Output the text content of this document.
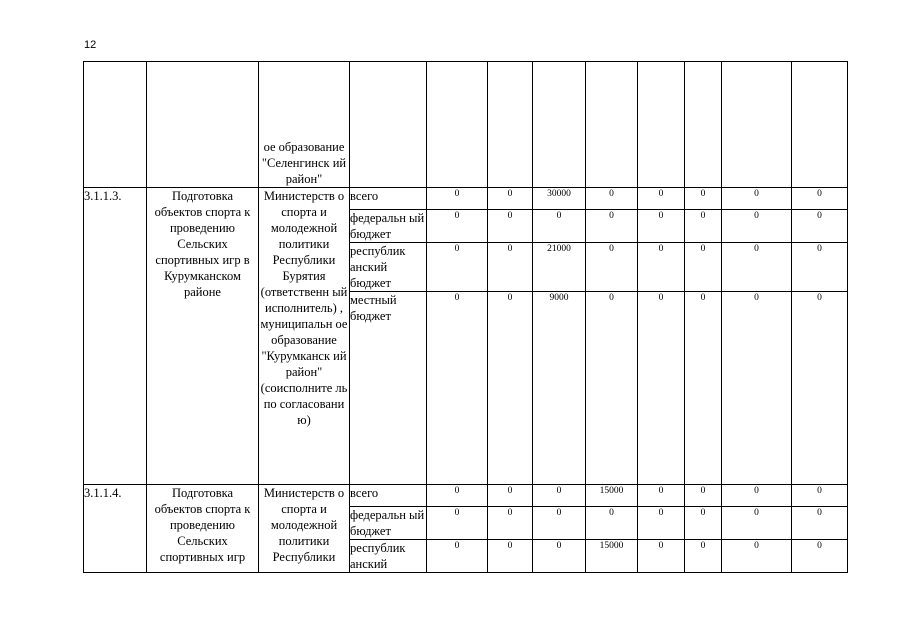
12

		ое образование "Селенгинск ий район"									

3.1.1.3.	Подготовка объектов спорта к проведению Сельских спортивных игр в Курумканском районе	Министерств о спорта и молодежной политики Республики Бурятия (ответственн ый исполнитель) , муниципальн ое образование "Курумканск ий район" (соисполните ль по согласовани ю)	всего	0	0	30000	0	0	0	0	0
			федеральн ый бюджет	0	0	0	0	0	0	0	0
			республик анский бюджет	0	0	21000	0	0	0	0	0
			местный бюджет	0	0	9000	0	0	0	0	0
3.1.1.4.	Подготовка объектов спорта к проведению Сельских спортивных игр	Министерств о спорта и молодежной политики Республики	всего	0	0	0	15000	0	0	0	0
			федеральн ый бюджет	0	0	0	0	0	0	0	0
			республик анский	0	0	0	15000	0	0	0	0
